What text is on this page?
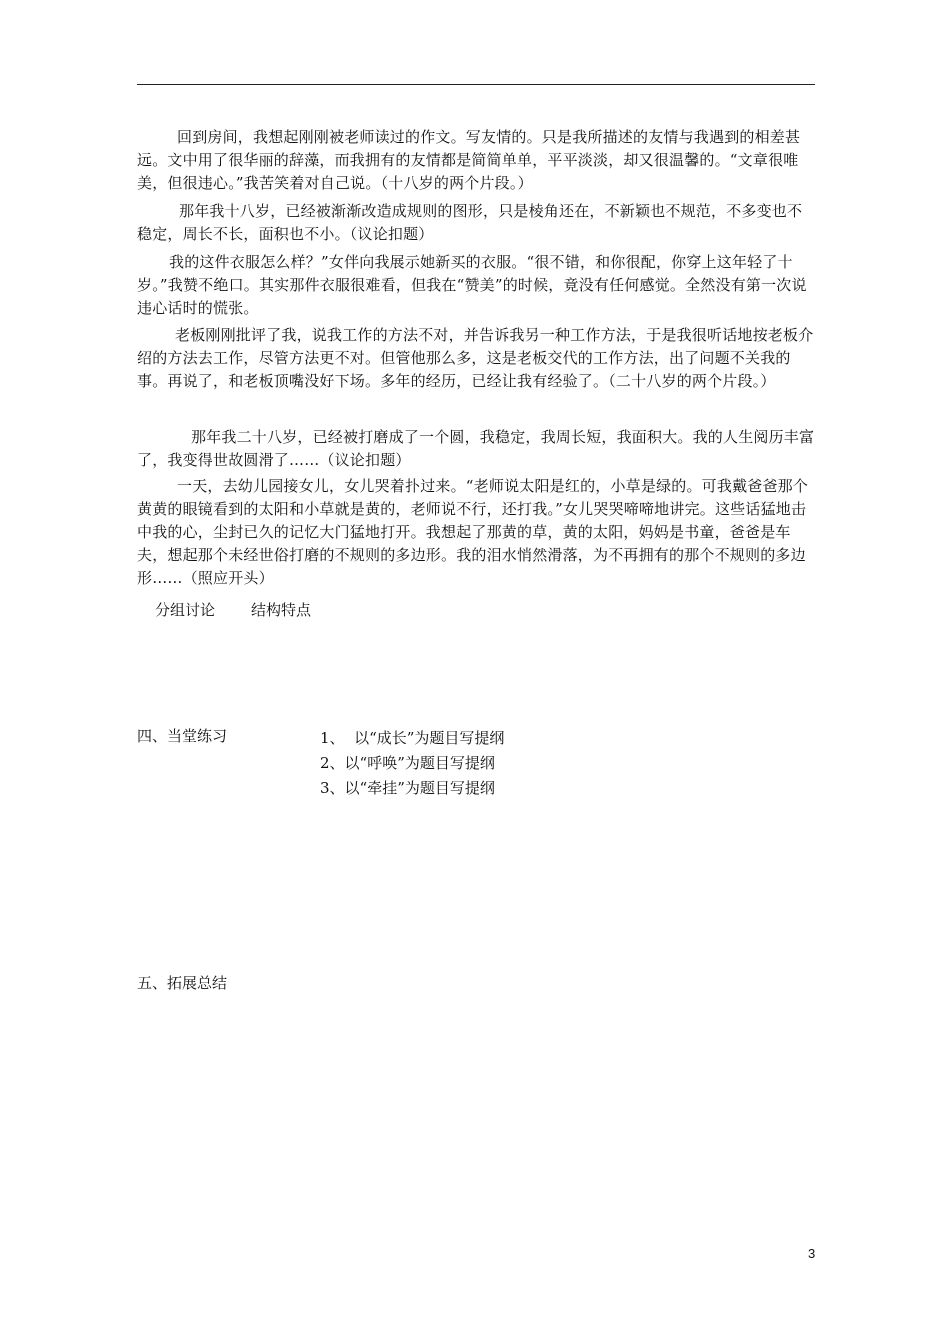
回到房间，我想起刚刚被老师读过的作文。写友情的。只是我所描述的友情与我遇到的相差甚远。文中用了很华丽的辞藻，而我拥有的友情都是简简单单，平平淡淡，却又很温馨的。“文章很唯美，但很违心。”我苦笑着对自己说。（十八岁的两个片段。）

那年我十八岁，已经被渐渐改造成规则的图形，只是棱角还在，不新颖也不规范，不多变也不稳定，周长不长，面积也不小。（议论扣题）

我的这件衣服怎么样？”女伴向我展示她新买的衣服。“很不错，和你很配，你穿上这年轻了十岁。”我赞不绝口。其实那件衣服很难看，但我在“赞美”的时候，竟没有任何感觉。全然没有第一次说违心话时的慌张。

老板刚刚批评了我，说我工作的方法不对，并告诉我另一种工作方法，于是我很听话地按老板介绍的方法去工作，尽管方法更不对。但管他那么多，这是老板交代的工作方法，出了问题不关我的事。再说了，和老板顶嘴没好下场。多年的经历，已经让我有经验了。（二十八岁的两个片段。）

那年我二十八岁，已经被打磨成了一个圆，我稳定，我周长短，我面积大。我的人生阅历丰富了，我变得世故圆滑了……（议论扣题）

一天，去幼儿园接女儿，女儿哭着扑过来。“老师说太阳是红的，小草是绿的。可我戴爸爸那个黄黄的眼镜看到的太阳和小草就是黄的，老师说不行，还打我。”女儿哭哭啼啼地讲完。这些话猛地击中我的心，尘封已久的记忆大门猛地打开。我想起了那黄的草，黄的太阳，妈妈是书童，爸爸是车夫，想起那个未经世俗打磨的不规则的多边形。我的泪水悄然滑落，为不再拥有的那个不规则的多边形……（照应开头）

分组讨论 结构特点
四、当堂练习	1、  以“成长”为题目写提纲
2、以“呼唤”为题目写提纲
3、以“牵挂”为题目写提纲
五、拓展总结
3
